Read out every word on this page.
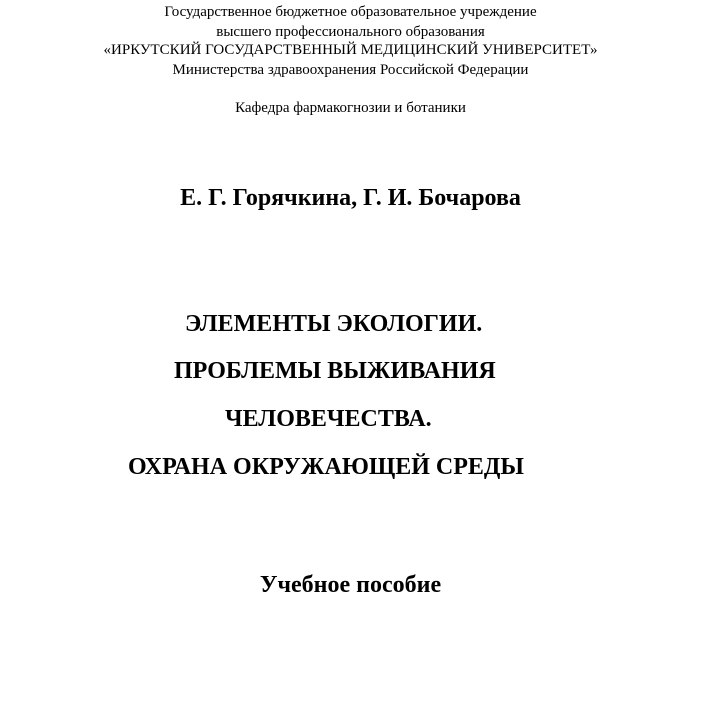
Государственное бюджетное образовательное учреждение
высшего профессионального образования
«ИРКУТСКИЙ ГОСУДАРСТВЕННЫЙ МЕДИЦИНСКИЙ УНИВЕРСИТЕТ»
Министерства здравоохранения Российской Федерации
Кафедра фармакогнозии и ботаники
Е. Г. Горячкина, Г. И. Бочарова
ЭЛЕМЕНТЫ ЭКОЛОГИИ.
ПРОБЛЕМЫ ВЫЖИВАНИЯ
ЧЕЛОВЕЧЕСТВА.
ОХРАНА ОКРУЖАЮЩЕЙ СРЕДЫ
Учебное пособие
